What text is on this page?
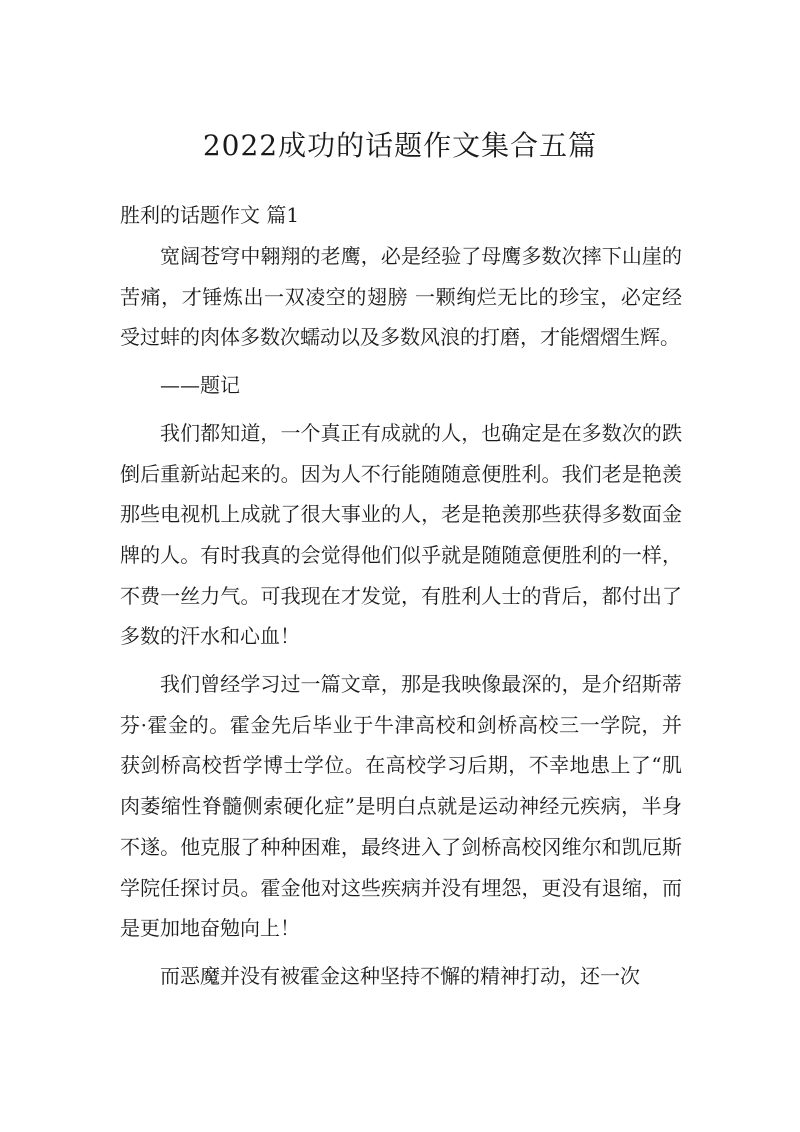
2022成功的话题作文集合五篇

胜利的话题作文 篇1

宽阔苍穹中翱翔的老鹰，必是经验了母鹰多数次摔下山崖的苦痛，才锤炼出一双凌空的翅膀 一颗绚烂无比的珍宝，必定经受过蚌的肉体多数次蠕动以及多数风浪的打磨，才能熠熠生辉。

——题记

我们都知道，一个真正有成就的人，也确定是在多数次的跌倒后重新站起来的。因为人不行能随随意便胜利。我们老是艳羡那些电视机上成就了很大事业的人，老是艳羡那些获得多数面金牌的人。有时我真的会觉得他们似乎就是随随意便胜利的一样，不费一丝力气。可我现在才发觉，有胜利人士的背后，都付出了多数的汗水和心血！

我们曾经学习过一篇文章，那是我映像最深的，是介绍斯蒂芬·霍金的。霍金先后毕业于牛津高校和剑桥高校三一学院，并获剑桥高校哲学博士学位。在高校学习后期，不幸地患上了“肌肉萎缩性脊髓侧索硬化症”是明白点就是运动神经元疾病，半身不遂。他克服了种种困难，最终进入了剑桥高校冈维尔和凯厄斯学院任探讨员。霍金他对这些疾病并没有埋怨，更没有退缩，而是更加地奋勉向上！

而恶魔并没有被霍金这种坚持不懈的精神打动，还一次
